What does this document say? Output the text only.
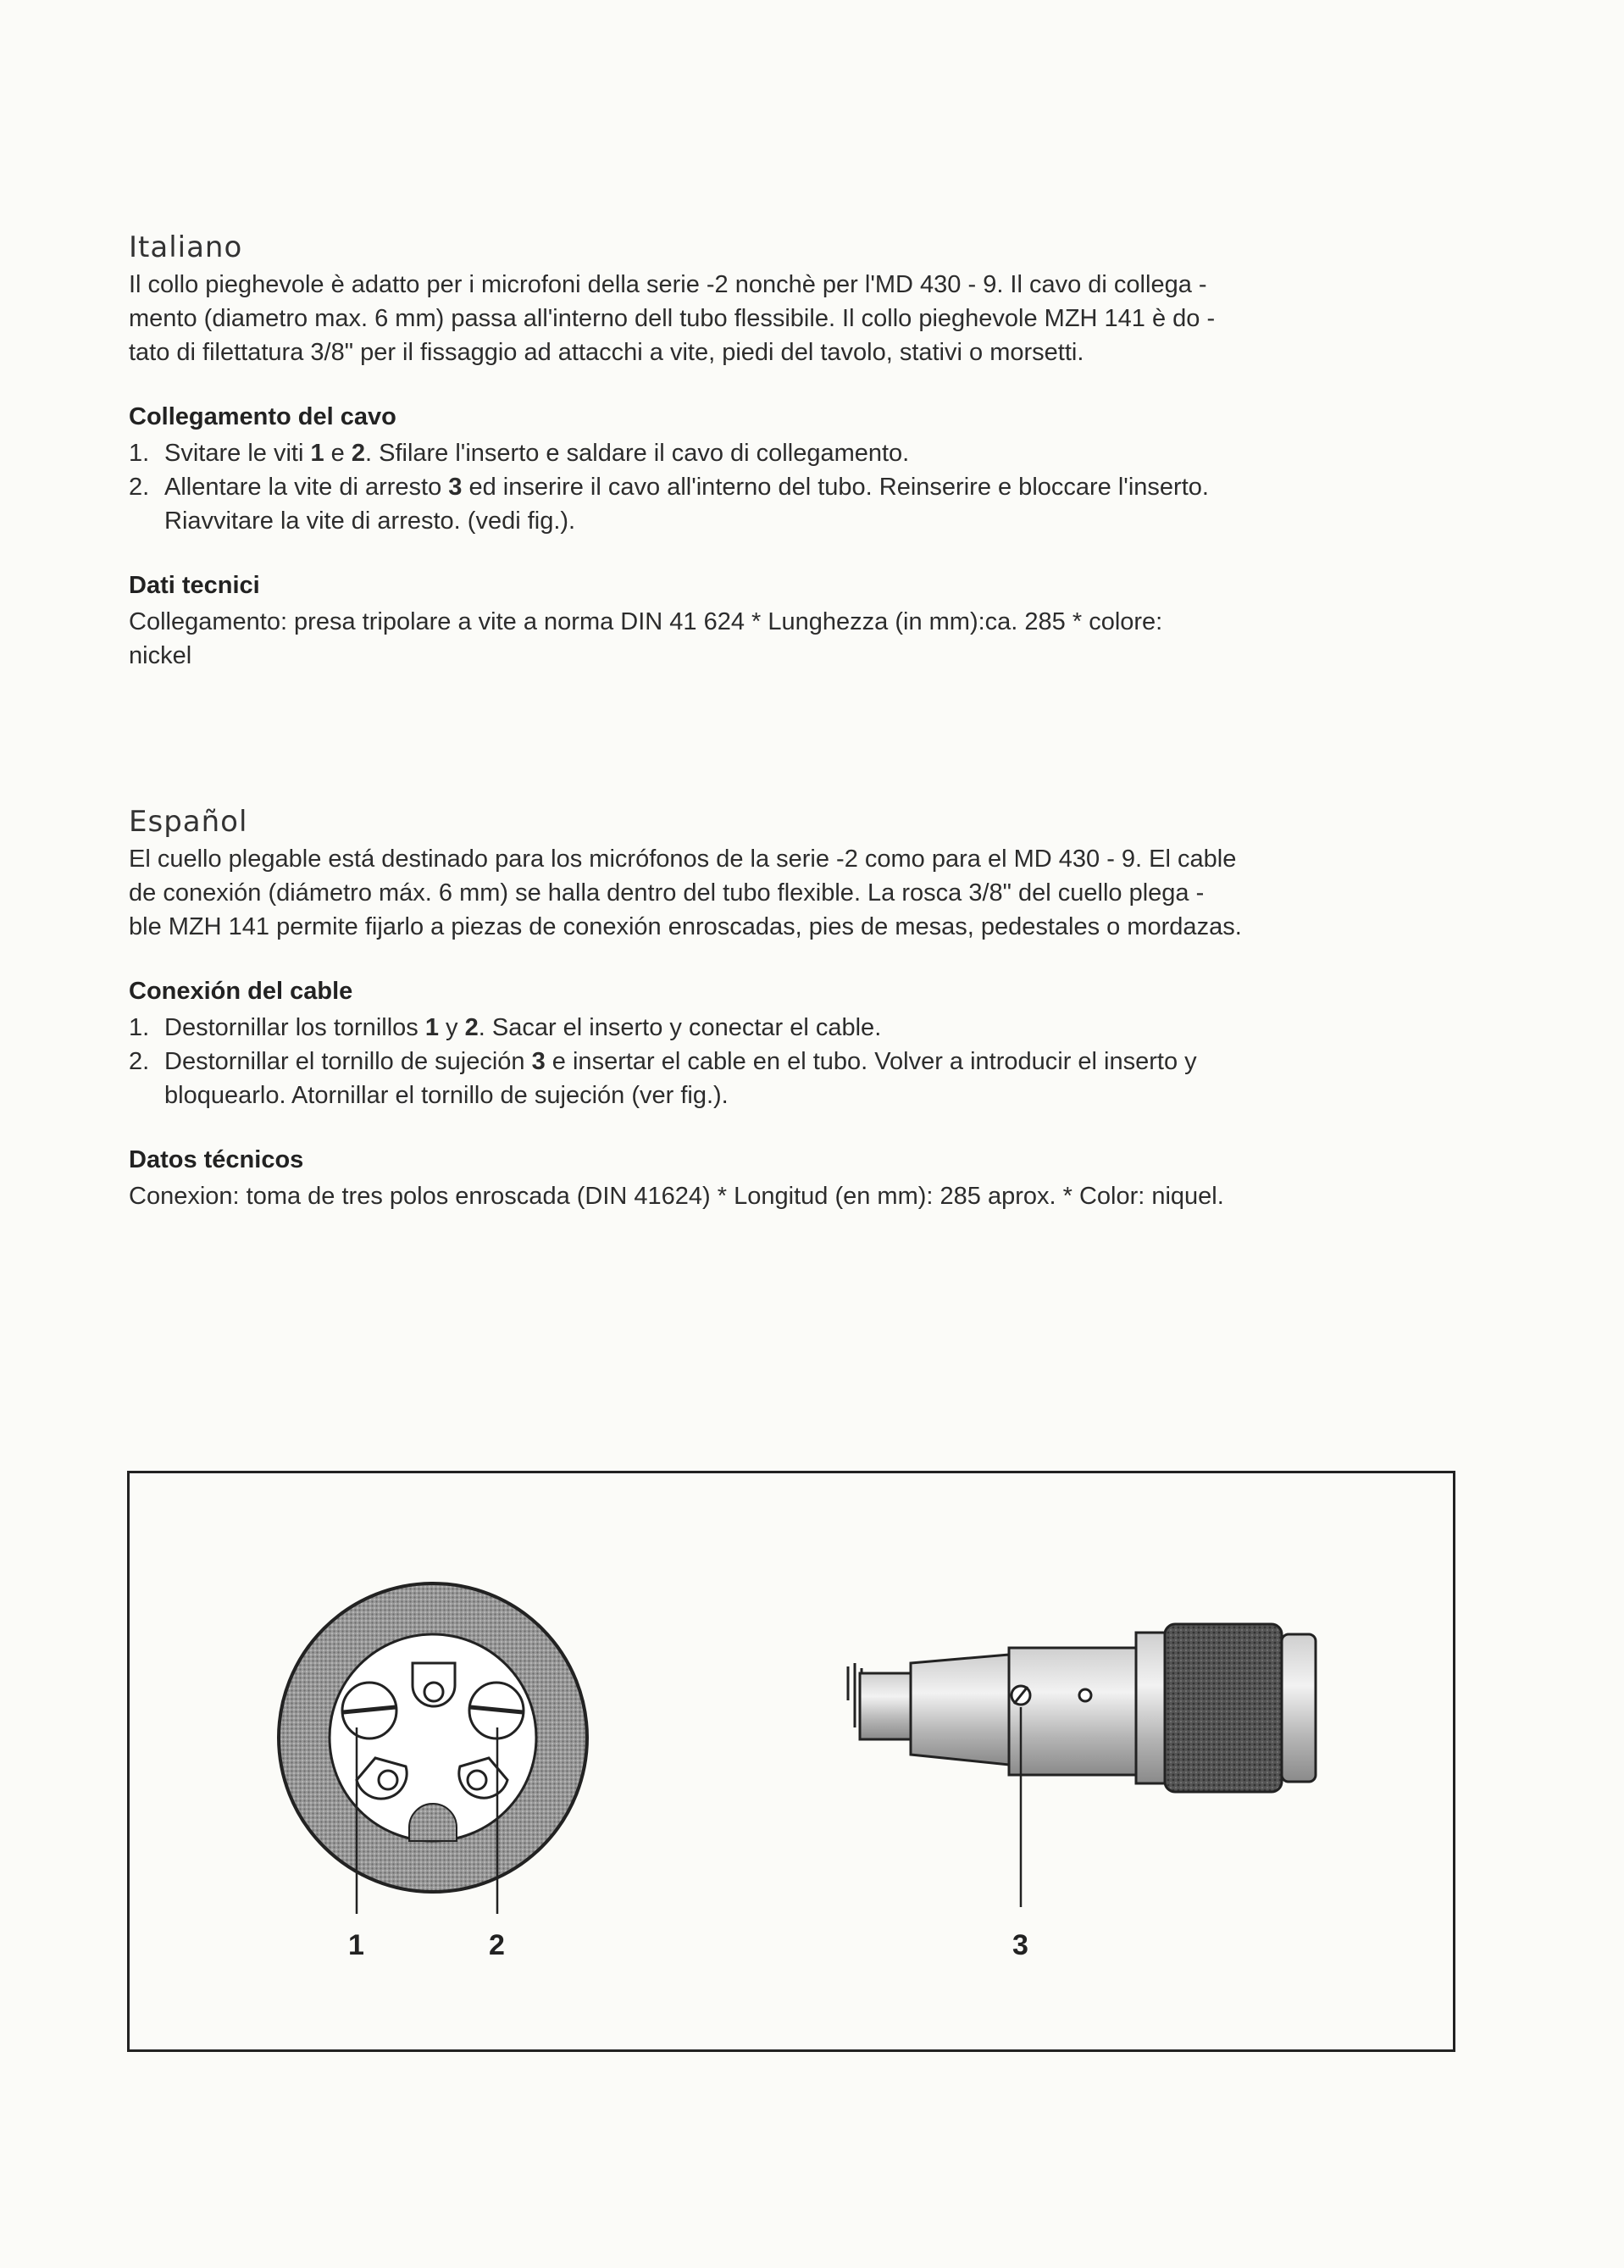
Italiano

Il collo pieghevole è adatto per i microfoni della serie -2 nonchè per l'MD 430 - 9. Il cavo di collega -

mento (diametro max. 6 mm) passa all'interno dell tubo flessibile. Il collo pieghevole MZH 141 è do -

tato di filettatura 3/8" per il fissaggio ad attacchi a vite, piedi del tavolo, stativi o morsetti.

Collegamento del cavo
1. Svitare le viti 1 e 2. Sfilare l'inserto e saldare il cavo di collegamento.
2. Allentare la vite di arresto 3 ed inserire il cavo all'interno del tubo. Reinserire e bloccare l'inserto.
Riavvitare la vite di arresto. (vedi fig.).
Dati tecnici

Collegamento: presa tripolare a vite a norma DIN 41 624 * Lunghezza (in mm):ca. 285 * colore:

nickel

Español

El cuello plegable está destinado para los micrófonos de la serie -2 como para el MD 430 - 9. El cable

de conexión (diámetro máx. 6 mm) se halla dentro del tubo flexible. La rosca 3/8" del cuello plega -

ble MZH 141 permite fijarlo a piezas de conexión enroscadas, pies de mesas, pedestales o mordazas.

Conexión del cable
1. Destornillar los tornillos 1 y 2. Sacar el inserto y conectar el cable.
2. Destornillar el tornillo de sujeción 3 e insertar el cable en el tubo. Volver a introducir el inserto y
bloquearlo. Atornillar el tornillo de sujeción (ver fig.).
Datos técnicos

Conexion: toma de tres polos enroscada (DIN 41624) * Longitud (en mm): 285 aprox. * Color: niquel.

1	2	3
